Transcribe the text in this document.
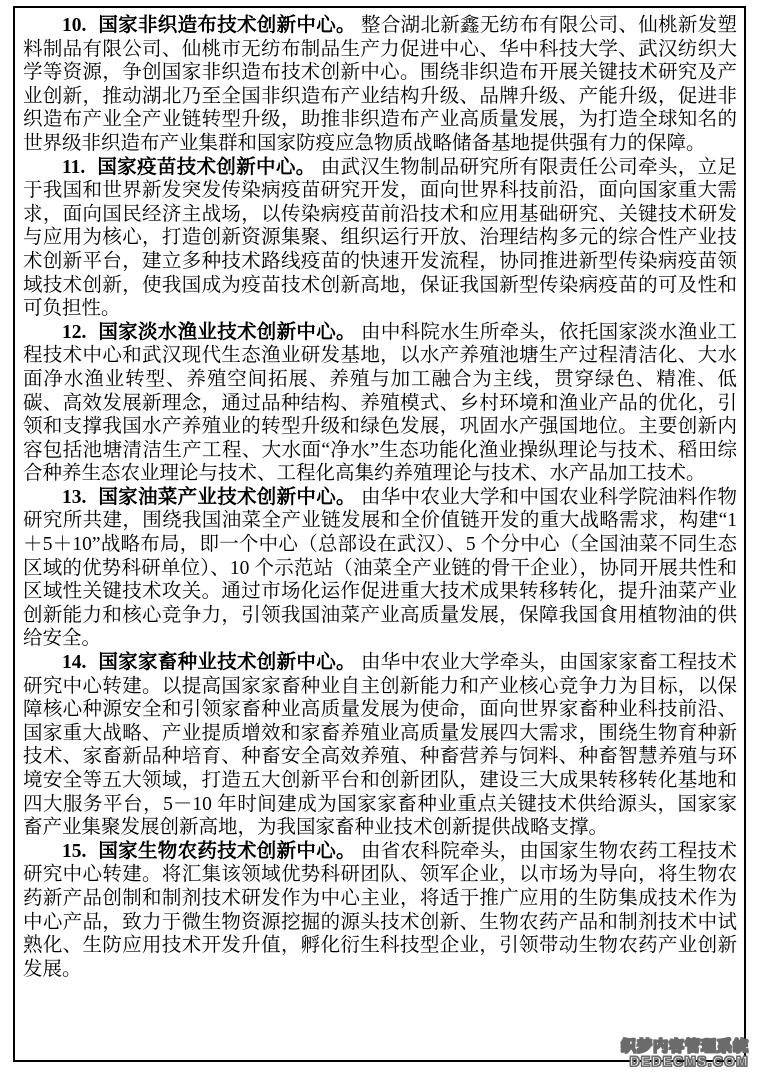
10. 国家非织造布技术创新中心。 整合湖北新鑫无纺布有限公司、仙桃新发塑料制品有限公司、仙桃市无纺布制品生产力促进中心、华中科技大学、武汉纺织大学等资源，争创国家非织造布技术创新中心。围绕非织造布开展关键技术研究及产业创新，推动湖北乃至全国非织造布产业结构升级、品牌升级、产能升级，促进非织造布产业全产业链转型升级，助推非织造布产业高质量发展，为打造全球知名的世界级非织造布产业集群和国家防疫应急物质战略储备基地提供强有力的保障。

11. 国家疫苗技术创新中心。 由武汉生物制品研究所有限责任公司牵头，立足于我国和世界新发突发传染病疫苗研究开发，面向世界科技前沿，面向国家重大需求，面向国民经济主战场，以传染病疫苗前沿技术和应用基础研究、关键技术研发与应用为核心，打造创新资源集聚、组织运行开放、治理结构多元的综合性产业技术创新平台，建立多种技术路线疫苗的快速开发流程，协同推进新型传染病疫苗领域技术创新，使我国成为疫苗技术创新高地，保证我国新型传染病疫苗的可及性和可负担性。

12. 国家淡水渔业技术创新中心。 由中科院水生所牵头，依托国家淡水渔业工程技术中心和武汉现代生态渔业研发基地，以水产养殖池塘生产过程清洁化、大水面净水渔业转型、养殖空间拓展、养殖与加工融合为主线，贯穿绿色、精准、低碳、高效发展新理念，通过品种结构、养殖模式、乡村环境和渔业产品的优化，引领和支撑我国水产养殖业的转型升级和绿色发展，巩固水产强国地位。主要创新内容包括池塘清洁生产工程、大水面“净水”生态功能化渔业操纵理论与技术、稻田综合种养生态农业理论与技术、工程化高集约养殖理论与技术、水产品加工技术。

13. 国家油菜产业技术创新中心。 由华中农业大学和中国农业科学院油料作物研究所共建，围绕我国油菜全产业链发展和全价值链开发的重大战略需求，构建“1＋5＋10”战略布局，即一个中心（总部设在武汉）、5 个分中心（全国油菜不同生态区域的优势科研单位）、10 个示范站（油菜全产业链的骨干企业），协同开展共性和区域性关键技术攻关。通过市场化运作促进重大技术成果转移转化，提升油菜产业创新能力和核心竞争力，引领我国油菜产业高质量发展，保障我国食用植物油的供给安全。

14. 国家家畜种业技术创新中心。 由华中农业大学牵头，由国家家畜工程技术研究中心转建。以提高国家家畜种业自主创新能力和产业核心竞争力为目标，以保障核心种源安全和引领家畜种业高质量发展为使命，面向世界家畜种业科技前沿、国家重大战略、产业提质增效和家畜养殖业高质量发展四大需求，围绕生物育种新技术、家畜新品种培育、种畜安全高效养殖、种畜营养与饲料、种畜智慧养殖与环境安全等五大领域，打造五大创新平台和创新团队，建设三大成果转移转化基地和四大服务平台，5－10 年时间建成为国家家畜种业重点关键技术供给源头，国家家畜产业集聚发展创新高地，为我国家畜种业技术创新提供战略支撑。

15. 国家生物农药技术创新中心。 由省农科院牵头，由国家生物农药工程技术研究中心转建。将汇集该领域优势科研团队、领军企业，以市场为导向，将生物农药新产品创制和制剂技术研发作为中心主业，将适于推广应用的生防集成技术作为中心产品，致力于微生物资源挖掘的源头技术创新、生物农药产品和制剂技术中试熟化、生防应用技术开发升值，孵化衍生科技型企业，引领带动生物农药产业创新发展。

织梦内容管理系统
DEDECMS.COM
